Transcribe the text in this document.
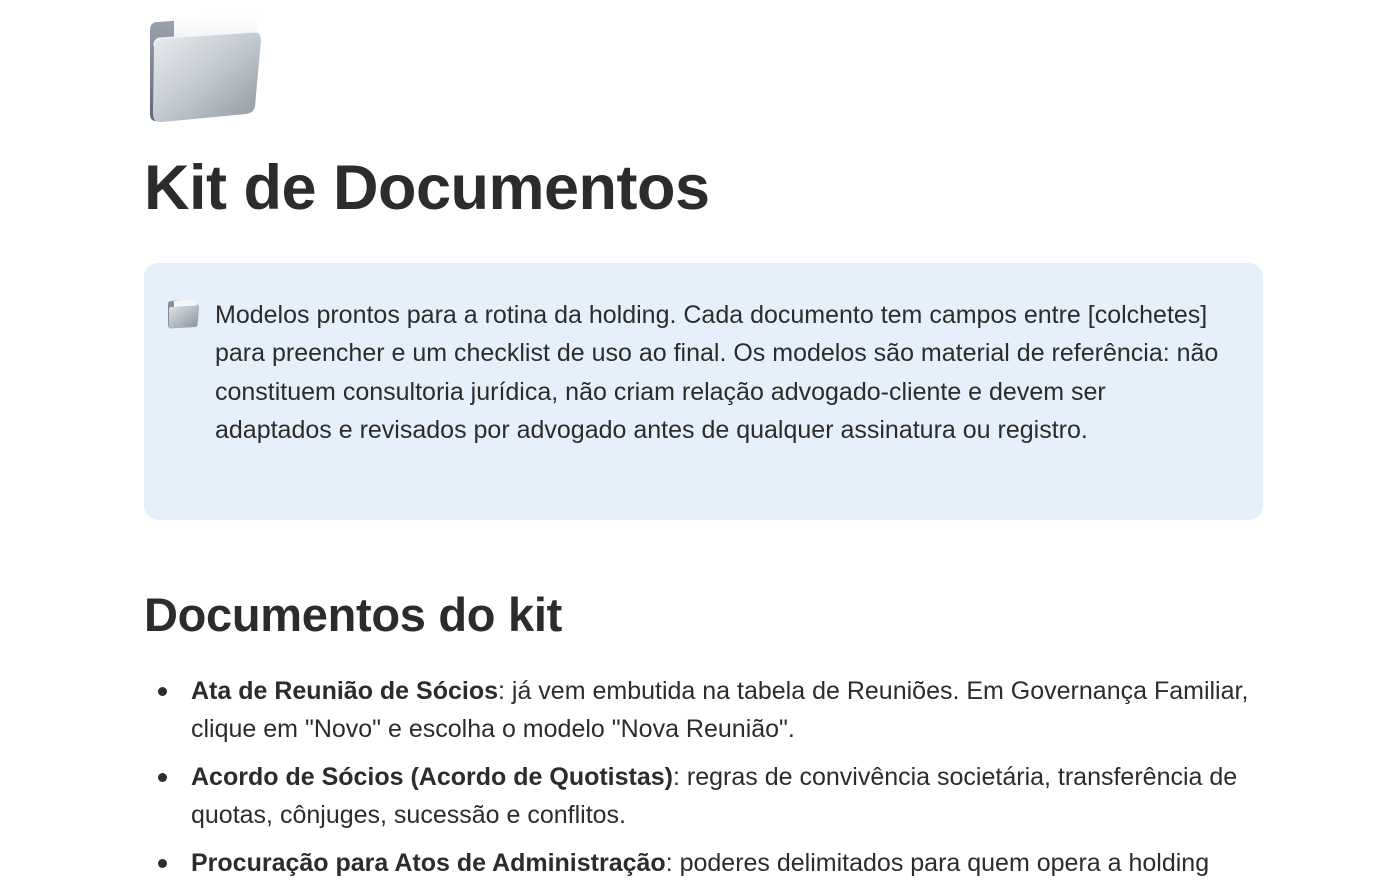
Kit de Documentos

Modelos prontos para a rotina da holding. Cada documento tem campos entre [colchetes] para preencher e um checklist de uso ao final. Os modelos são material de referência: não constituem consultoria jurídica, não criam relação advogado-cliente e devem ser adaptados e revisados por advogado antes de qualquer assinatura ou registro.

Documentos do kit
Ata de Reunião de Sócios: já vem embutida na tabela de Reuniões. Em Governança Familiar, clique em "Novo" e escolha o modelo "Nova Reunião".
Acordo de Sócios (Acordo de Quotistas): regras de convivência societária, transferência de quotas, cônjuges, sucessão e conflitos.
Procuração para Atos de Administração: poderes delimitados para quem opera a holding
